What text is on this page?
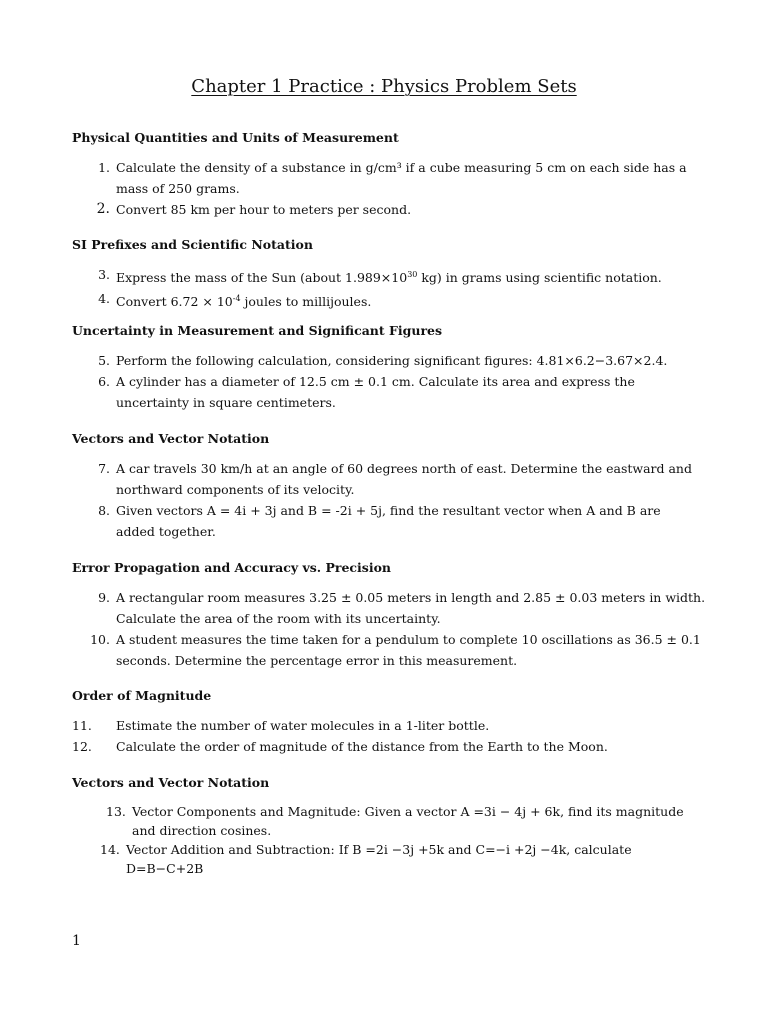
Chapter 1 Practice : Physics Problem Sets
Physical Quantities and Units of Measurement
1. Calculate the density of a substance in g/cm³ if a cube measuring 5 cm on each side has a mass of 250 grams.
2. Convert 85 km per hour to meters per second.
SI Prefixes and Scientific Notation
3. Express the mass of the Sun (about $1.989\times 10^{30}$ kg) in grams using scientific notation.
4. Convert $6.72 \times 10^{-4}$ joules to millijoules.
Uncertainty in Measurement and Significant Figures
5. Perform the following calculation, considering significant figures: 4.81×6.2−3.67×2.4.
6. A cylinder has a diameter of 12.5 cm ± 0.1 cm. Calculate its area and express the uncertainty in square centimeters.
Vectors and Vector Notation
7. A car travels 30 km/h at an angle of 60 degrees north of east. Determine the eastward and northward components of its velocity.
8. Given vectors A = 4i + 3j and B = -2i + 5j, find the resultant vector when A and B are added together.
Error Propagation and Accuracy vs. Precision
9. A rectangular room measures 3.25 ± 0.05 meters in length and 2.85 ± 0.03 meters in width. Calculate the area of the room with its uncertainty.
10. A student measures the time taken for a pendulum to complete 10 oscillations as 36.5 ± 0.1 seconds. Determine the percentage error in this measurement.
Order of Magnitude
11.	Estimate the number of water molecules in a 1-liter bottle.
12.	Calculate the order of magnitude of the distance from the Earth to the Moon.
Vectors and Vector Notation
13. Vector Components and Magnitude: Given a vector A =3i − 4j + 6k, find its magnitude and direction cosines.
14. Vector Addition and Subtraction: If B =2i −3j +5k and C=−i +2j −4k, calculate D=B−C+2B
1
